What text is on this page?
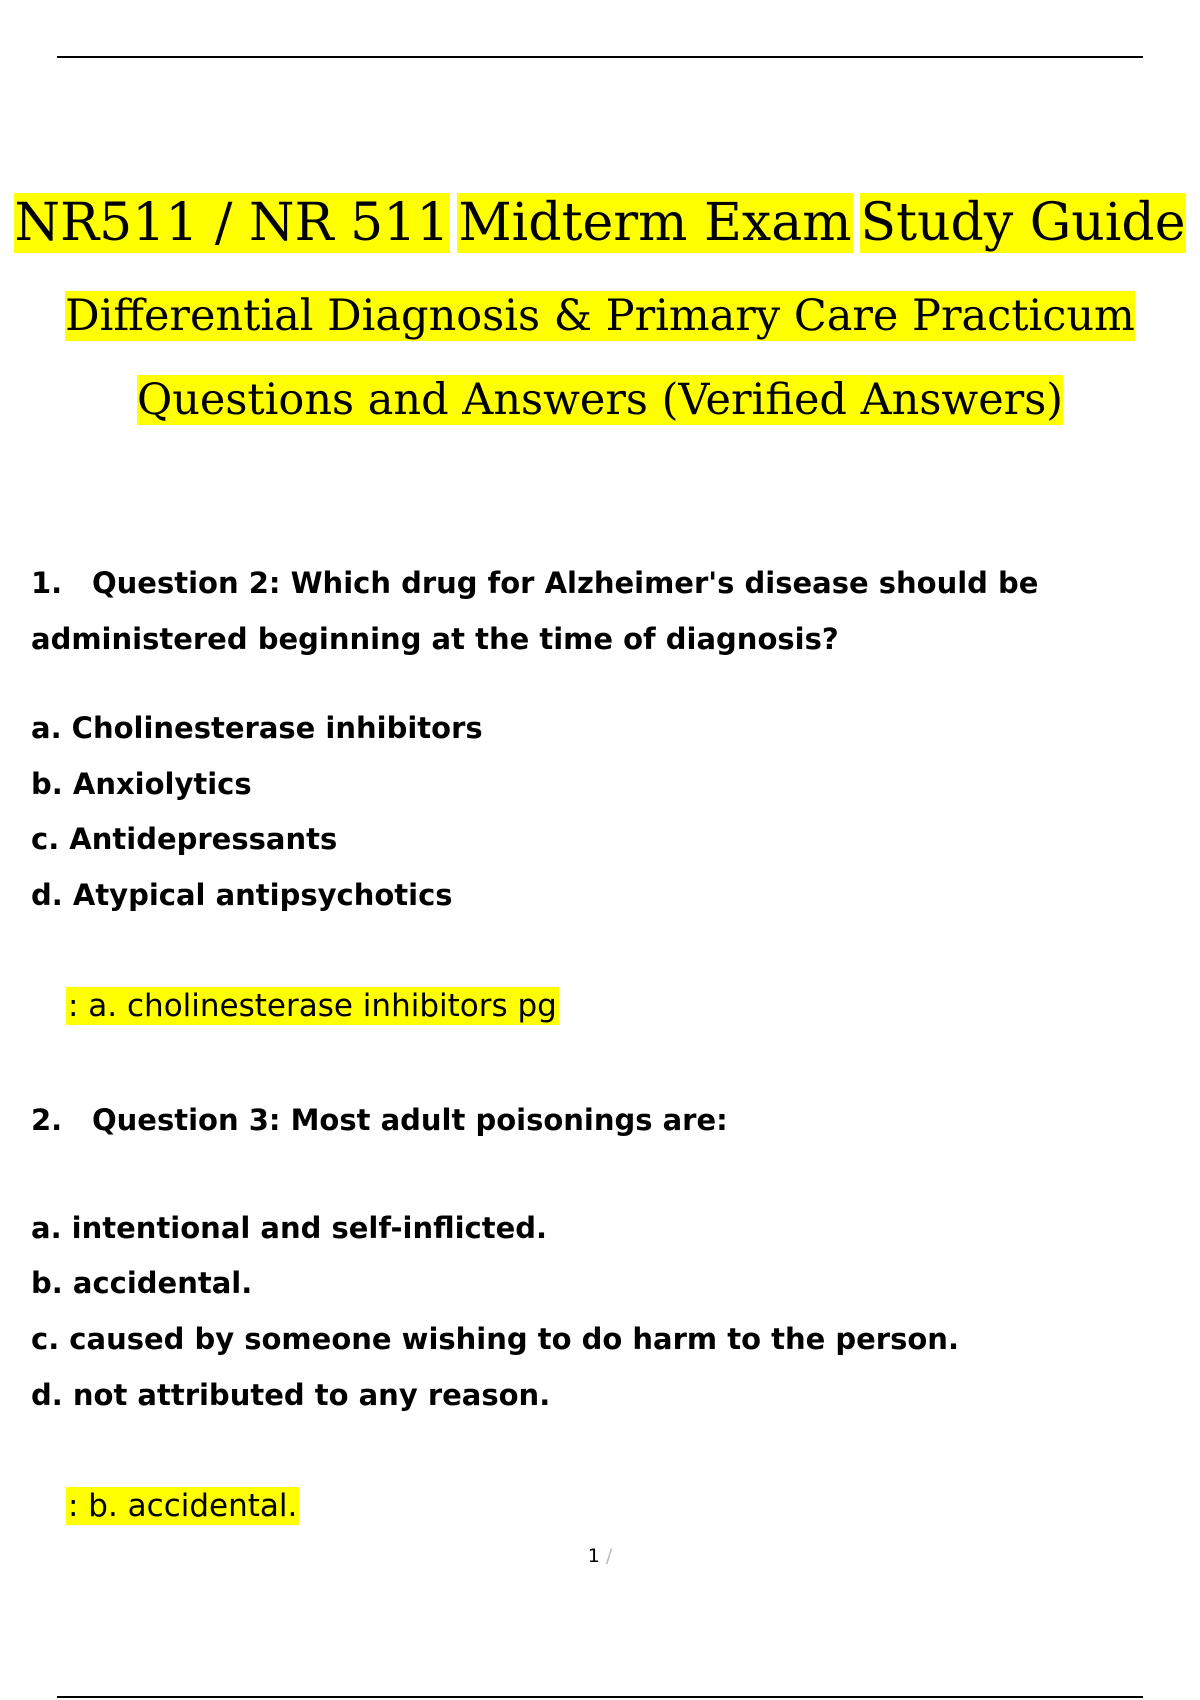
NR511 / NR 511 Midterm Exam Study Guide
Differential Diagnosis & Primary Care Practicum
Questions and Answers (Verified Answers)
1. Question 2: Which drug for Alzheimer's disease should be
administered beginning at the time of diagnosis?
a. Cholinesterase inhibitors
b. Anxiolytics
c. Antidepressants
d. Atypical antipsychotics
: a. cholinesterase inhibitors pg
2. Question 3: Most adult poisonings are:
a. intentional and self-inflicted.
b. accidental.
c. caused by someone wishing to do harm to the person.
d. not attributed to any reason.
: b. accidental.
1 /
